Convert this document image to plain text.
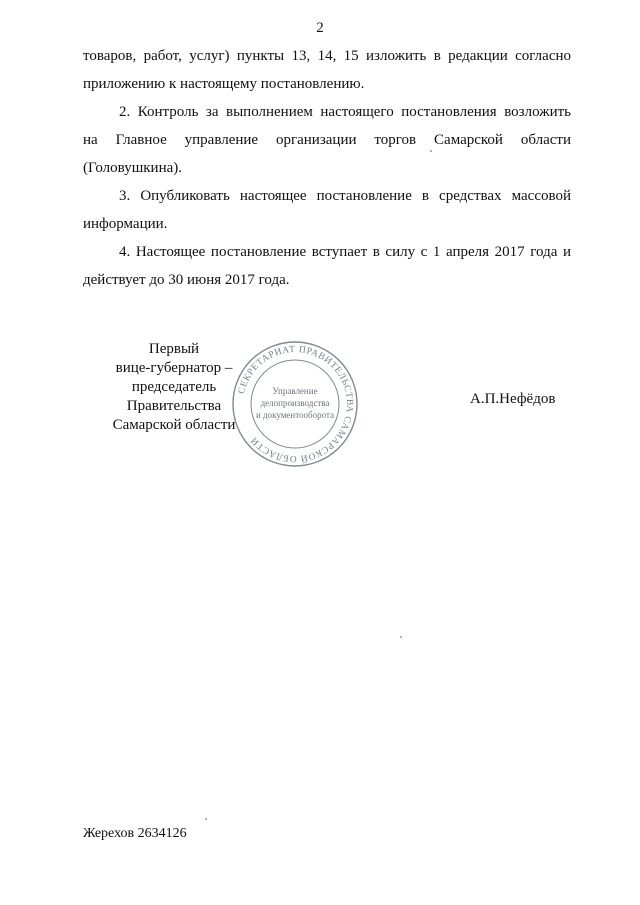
2
товаров, работ, услуг) пункты 13, 14, 15 изложить в редакции согласно
приложению к настоящему постановлению.
2. Контроль за выполнением настоящего постановления возложить
на Главное управление организации торгов Самарской области
(Головушкина).
3. Опубликовать настоящее постановление в средствах массовой
информации.
4. Настоящее постановление вступает в силу с 1 апреля 2017 года и
действует до 30 июня 2017 года.
Первый
вице-губернатор –
председатель Правительства
Самарской области
СЕКРЕТАРИАТ ПРАВИТЕЛЬСТВА САМАРСКОЙ ОБЛАСТИ
Управление
делопроизводства
и документооборота
А.П.Нефёдов
Жерехов 2634126
